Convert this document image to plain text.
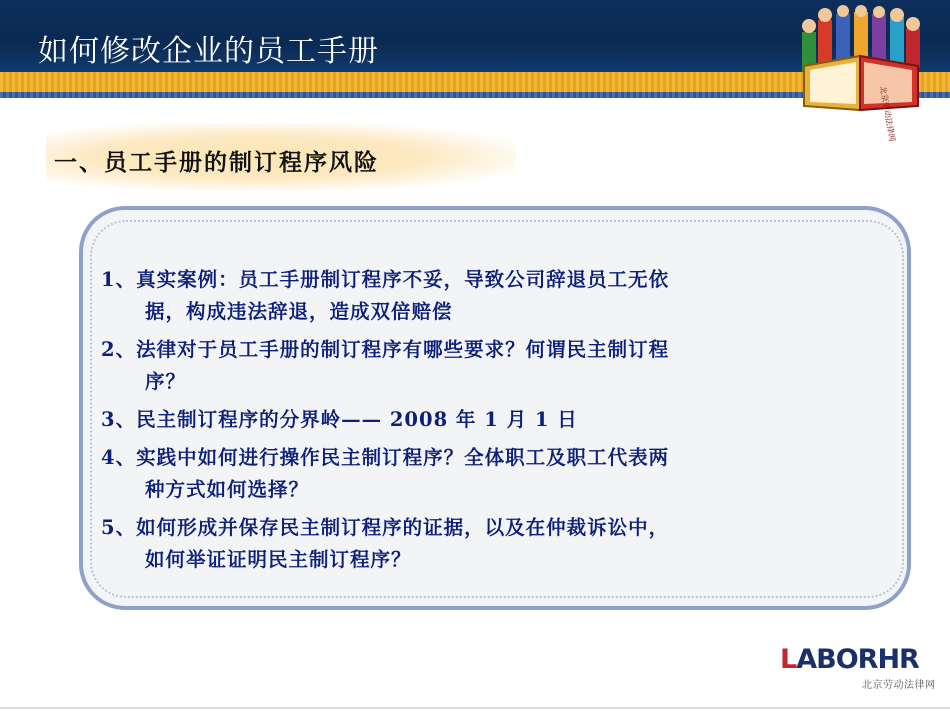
如何修改企业的员工手册
北京劳动法律网
一、员工手册的制订程序风险
1、真实案例：员工手册制订程序不妥，导致公司辞退员工无依
据，构成违法辞退，造成双倍赔偿
2、法律对于员工手册的制订程序有哪些要求？何谓民主制订程
序？
3、民主制订程序的分界岭—— 2008 年 1 月 1 日
4、实践中如何进行操作民主制订程序？全体职工及职工代表两
种方式如何选择？
5、如何形成并保存民主制订程序的证据，以及在仲裁诉讼中，
如何举证证明民主制订程序？
LABORHR
北京劳动法律网
